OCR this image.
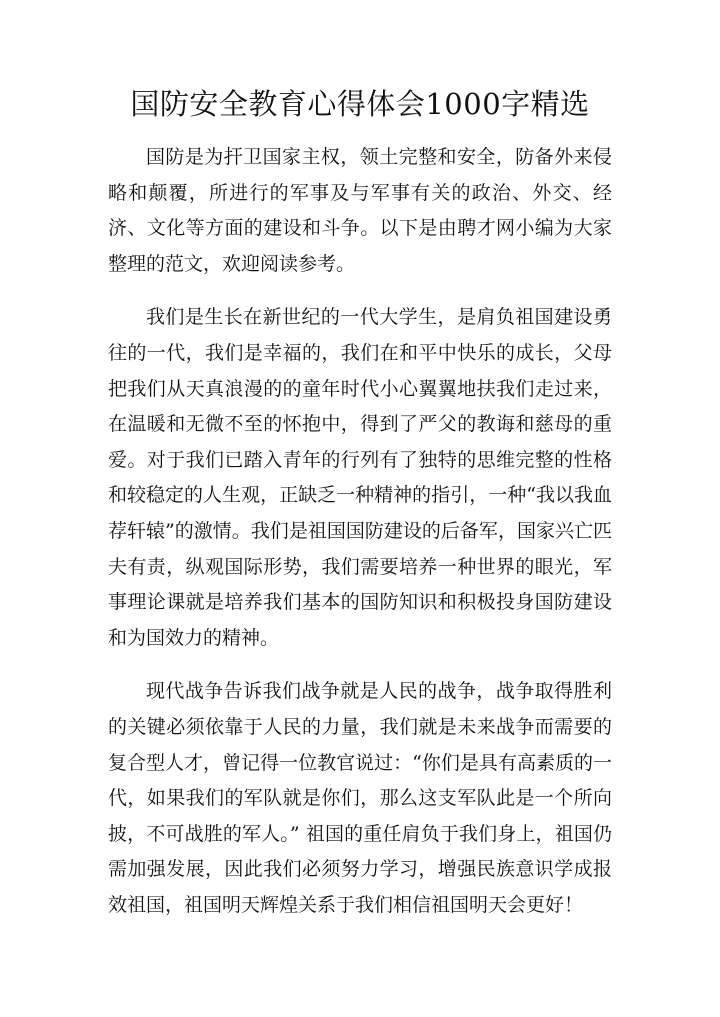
国防安全教育心得体会1000字精选

国防是为扞卫国家主权，领土完整和安全，防备外来侵略和颠覆，所进行的军事及与军事有关的政治、外交、经济、文化等方面的建设和斗争。以下是由聘才网小编为大家整理的范文，欢迎阅读参考。

我们是生长在新世纪的一代大学生，是肩负祖国建设勇往的一代，我们是幸福的，我们在和平中快乐的成长，父母把我们从天真浪漫的的童年时代小心翼翼地扶我们走过来，在温暖和无微不至的怀抱中，得到了严父的教诲和慈母的重爱。对于我们已踏入青年的行列有了独特的思维完整的性格和较稳定的人生观，正缺乏一种精神的指引，一种“我以我血荐轩辕”的激情。我们是祖国国防建设的后备军，国家兴亡匹夫有责，纵观国际形势，我们需要培养一种世界的眼光，军事理论课就是培养我们基本的国防知识和积极投身国防建设和为国效力的精神。

现代战争告诉我们战争就是人民的战争，战争取得胜利的关键必须依靠于人民的力量，我们就是未来战争而需要的复合型人才，曾记得一位教官说过：“你们是具有高素质的一代，如果我们的军队就是你们，那么这支军队此是一个所向披，不可战胜的军人。” 祖国的重任肩负于我们身上，祖国仍需加强发展，因此我们必须努力学习，增强民族意识学成报效祖国，祖国明天辉煌关系于我们相信祖国明天会更好！
